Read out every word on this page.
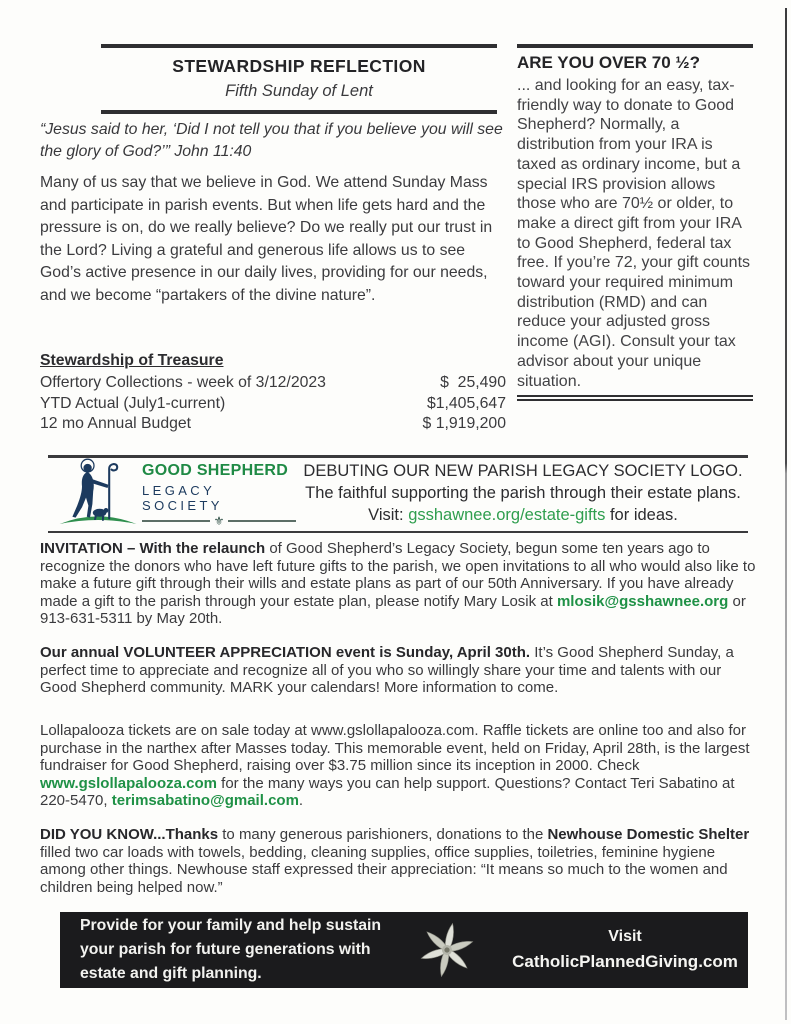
STEWARDSHIP REFLECTION
Fifth Sunday of Lent

“Jesus said to her, ‘Did I not tell you that if you believe you will see the glory of God?’” John 11:40

Many of us say that we believe in God. We attend Sunday Mass and participate in parish events. But when life gets hard and the pressure is on, do we really believe? Do we really put our trust in the Lord? Living a grateful and generous life allows us to see God’s active presence in our daily lives, providing for our needs, and we become “partakers of the divine nature”.

Stewardship of Treasure
Offertory Collections - week of 3/12/2023	$  25,490
YTD Actual (July1-current)	$1,405,647
12 mo Annual Budget	$ 1,919,200
ARE YOU OVER 70 ½?

... and looking for an easy, tax-friendly way to donate to Good Shepherd? Normally, a distribution from your IRA is taxed as ordinary income, but a special IRS provision allows those who are 70½ or older, to make a direct gift from your IRA to Good Shepherd, federal tax free. If you’re 72, your gift counts toward your required minimum distribution (RMD) and can reduce your adjusted gross income (AGI). Consult your tax advisor about your unique situation.

GOOD SHEPHERD
LEGACY SOCIETY
⚜
DEBUTING OUR NEW PARISH LEGACY SOCIETY LOGO.
The faithful supporting the parish through their estate plans.
Visit: gsshawnee.org/estate-gifts for ideas.

INVITATION – With the relaunch of Good Shepherd’s Legacy Society, begun some ten years ago to recognize the donors who have left future gifts to the parish, we open invitations to all who would also like to make a future gift through their wills and estate plans as part of our 50th Anniversary. If you have already made a gift to the parish through your estate plan, please notify Mary Losik at mlosik@gsshawnee.org or 913-631-5311 by May 20th.

Our annual VOLUNTEER APPRECIATION event is Sunday, April 30th. It’s Good Shepherd Sunday, a perfect time to appreciate and recognize all of you who so willingly share your time and talents with our Good Shepherd community. MARK your calendars! More information to come.

Lollapalooza tickets are on sale today at www.gslollapalooza.com. Raffle tickets are online too and also for purchase in the narthex after Masses today. This memorable event, held on Friday, April 28th, is the largest fundraiser for Good Shepherd, raising over $3.75 million since its inception in 2000. Check www.gslollapalooza.com for the many ways you can help support. Questions? Contact Teri Sabatino at 220-5470, terimsabatino@gmail.com.

DID YOU KNOW...Thanks to many generous parishioners, donations to the Newhouse Domestic Shelter filled two car loads with towels, bedding, cleaning supplies, office supplies, toiletries, feminine hygiene among other things. Newhouse staff expressed their appreciation: “It means so much to the women and children being helped now.”

Provide for your family and help sustain your parish for future generations with estate and gift planning.
Visit
CatholicPlannedGiving.com
